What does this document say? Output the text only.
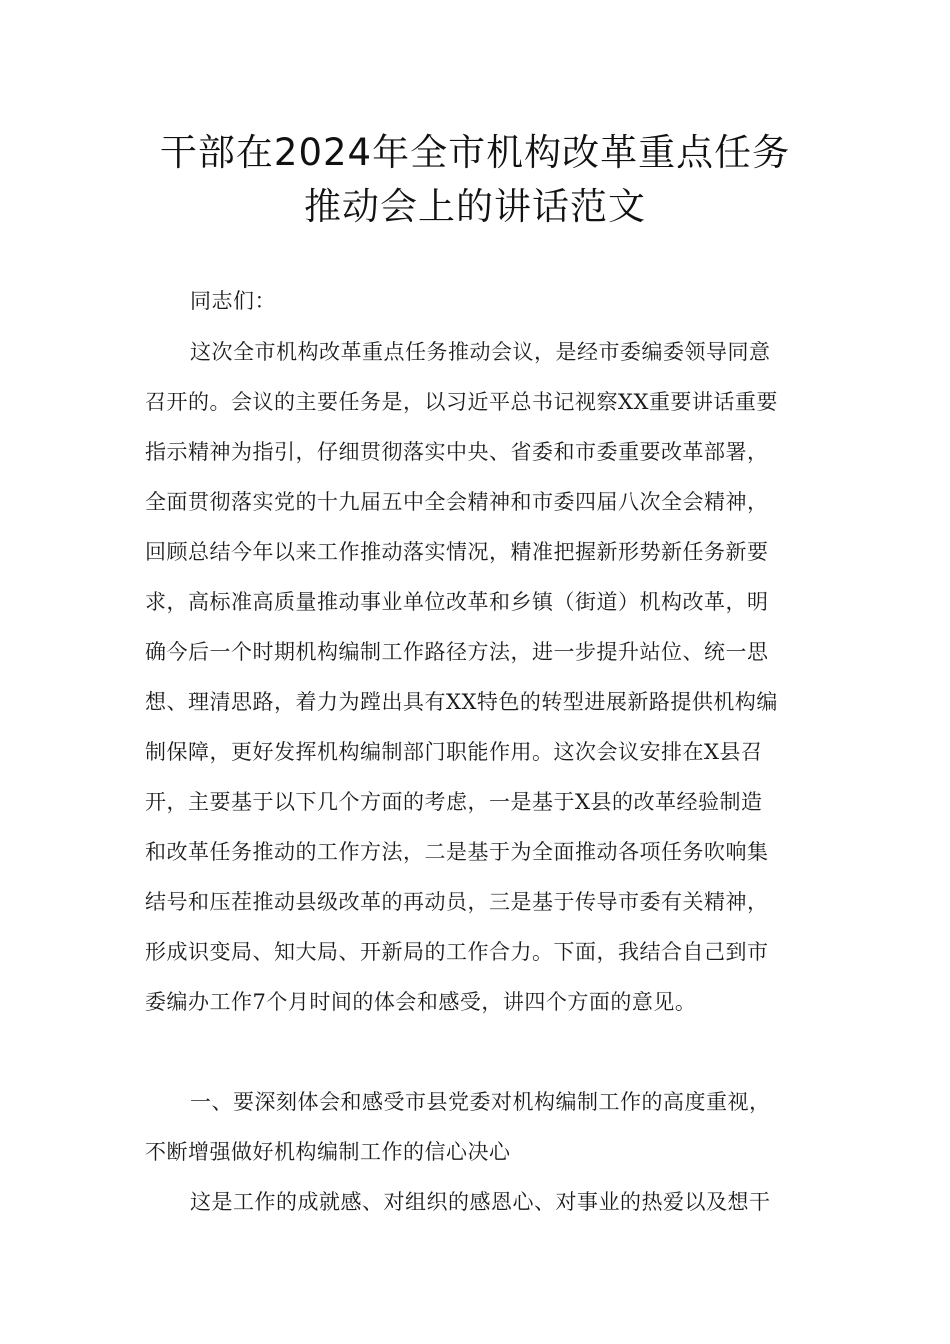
干部在2024年全市机构改革重点任务
推动会上的讲话范文
同志们：
这次全市机构改革重点任务推动会议，是经市委编委领导同意
召开的。会议的主要任务是，以习近平总书记视察XX重要讲话重要
指示精神为指引，仔细贯彻落实中央、省委和市委重要改革部署，
全面贯彻落实党的十九届五中全会精神和市委四届八次全会精神，
回顾总结今年以来工作推动落实情况，精准把握新形势新任务新要
求，高标准高质量推动事业单位改革和乡镇（街道）机构改革，明
确今后一个时期机构编制工作路径方法，进一步提升站位、统一思
想、理清思路，着力为蹚出具有XX特色的转型进展新路提供机构编
制保障，更好发挥机构编制部门职能作用。这次会议安排在X县召
开，主要基于以下几个方面的考虑，一是基于X县的改革经验制造
和改革任务推动的工作方法，二是基于为全面推动各项任务吹响集
结号和压茬推动县级改革的再动员，三是基于传导市委有关精神，
形成识变局、知大局、开新局的工作合力。下面，我结合自己到市
委编办工作7个月时间的体会和感受，讲四个方面的意见。
一、要深刻体会和感受市县党委对机构编制工作的高度重视，
不断增强做好机构编制工作的信心决心
这是工作的成就感、对组织的感恩心、对事业的热爱以及想干
